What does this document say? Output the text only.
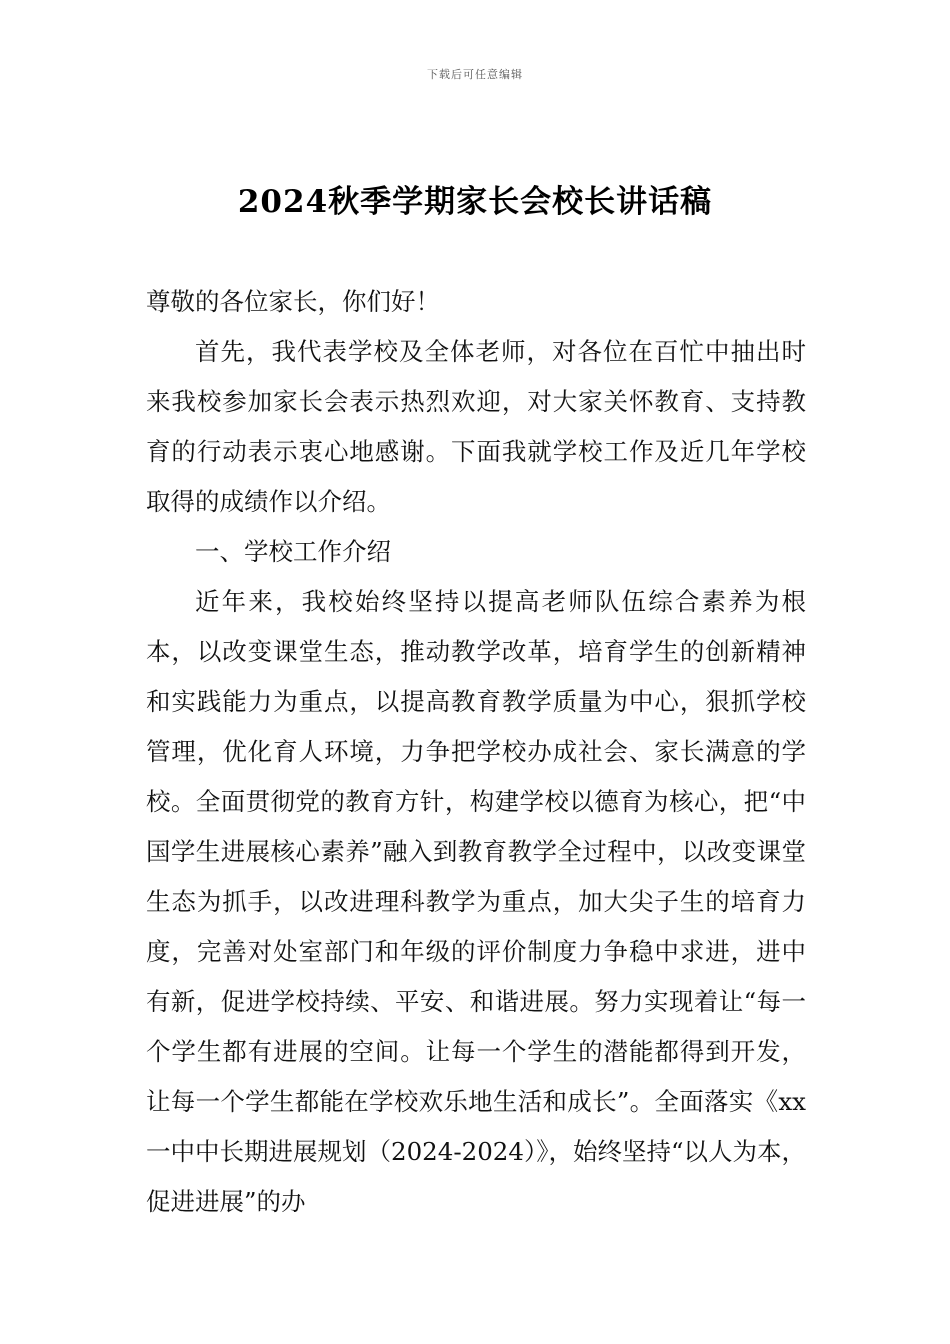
下载后可任意编辑
2024秋季学期家长会校长讲话稿

尊敬的各位家长，你们好！

首先，我代表学校及全体老师，对各位在百忙中抽出时来我校参加家长会表示热烈欢迎，对大家关怀教育、支持教育的行动表示衷心地感谢。下面我就学校工作及近几年学校取得的成绩作以介绍。

一、学校工作介绍

近年来，我校始终坚持以提高老师队伍综合素养为根本，以改变课堂生态，推动教学改革，培育学生的创新精神和实践能力为重点，以提高教育教学质量为中心，狠抓学校管理，优化育人环境，力争把学校办成社会、家长满意的学校。全面贯彻党的教育方针，构建学校以德育为核心，把“中国学生进展核心素养”融入到教育教学全过程中，以改变课堂生态为抓手，以改进理科教学为重点，加大尖子生的培育力度，完善对处室部门和年级的评价制度力争稳中求进，进中有新，促进学校持续、平安、和谐进展。努力实现着让“每一个学生都有进展的空间。让每一个学生的潜能都得到开发，让每一个学生都能在学校欢乐地生活和成长”。全面落实《xx一中中长期进展规划（2024-2024）》，始终坚持“以人为本，促进进展”的办
